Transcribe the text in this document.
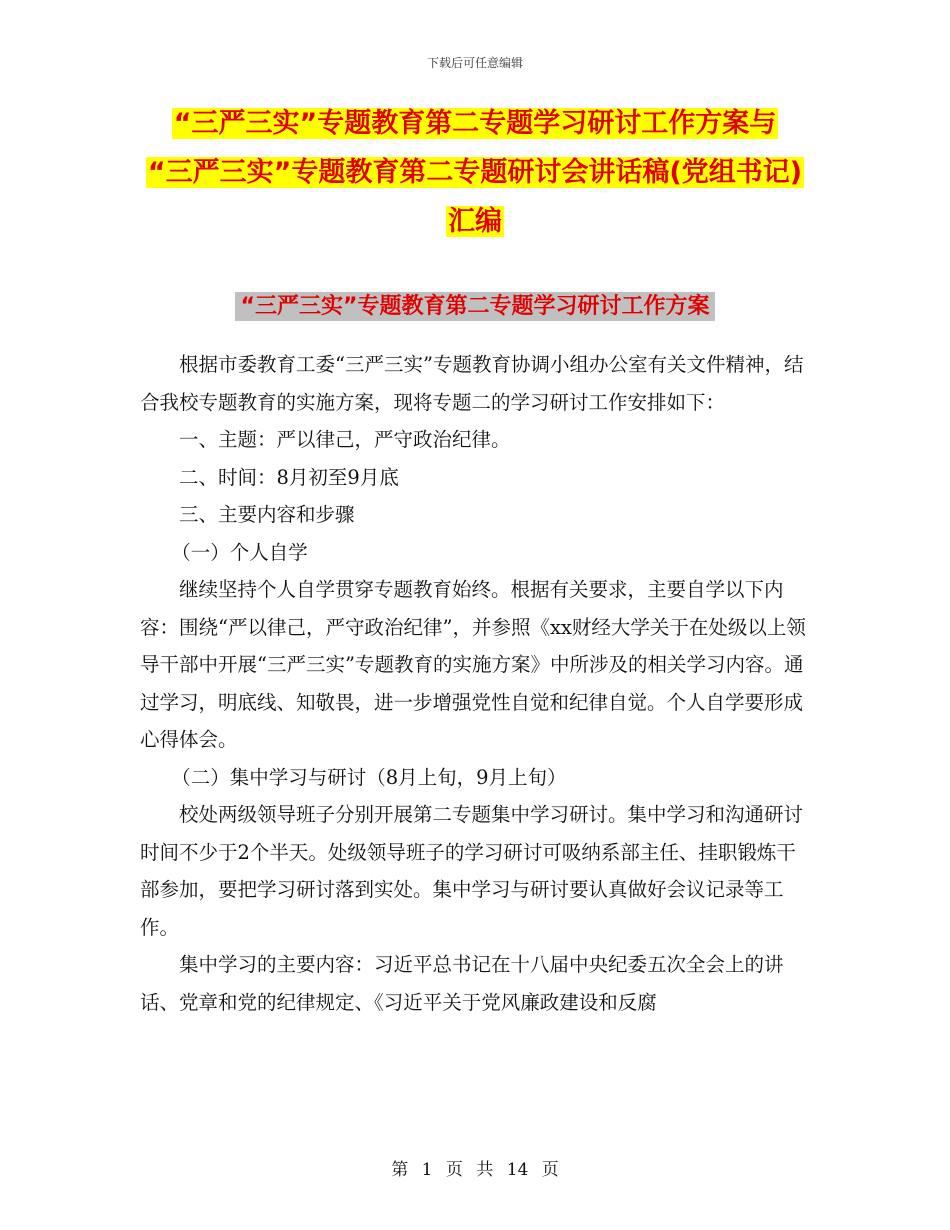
下载后可任意编辑
“三严三实”专题教育第二专题学习研讨工作方案与
“三严三实”专题教育第二专题研讨会讲话稿(党组书记)
汇编
“三严三实”专题教育第二专题学习研讨工作方案

根据市委教育工委“三严三实”专题教育协调小组办公室有关文件精神，结合我校专题教育的实施方案，现将专题二的学习研讨工作安排如下：

一、主题：严以律己，严守政治纪律。

二、时间：8月初至9月底

三、主要内容和步骤

（一）个人自学

继续坚持个人自学贯穿专题教育始终。根据有关要求，主要自学以下内容：围绕“严以律己，严守政治纪律”，并参照《xx财经大学关于在处级以上领导干部中开展“三严三实”专题教育的实施方案》中所涉及的相关学习内容。通过学习，明底线、知敬畏，进一步增强党性自觉和纪律自觉。个人自学要形成心得体会。

（二）集中学习与研讨（8月上旬，9月上旬）

校处两级领导班子分别开展第二专题集中学习研讨。集中学习和沟通研讨时间不少于2个半天。处级领导班子的学习研讨可吸纳系部主任、挂职锻炼干部参加，要把学习研讨落到实处。集中学习与研讨要认真做好会议记录等工作。

集中学习的主要内容：习近平总书记在十八届中央纪委五次全会上的讲话、党章和党的纪律规定、《习近平关于党风廉政建设和反腐

第 1 页 共 14 页
